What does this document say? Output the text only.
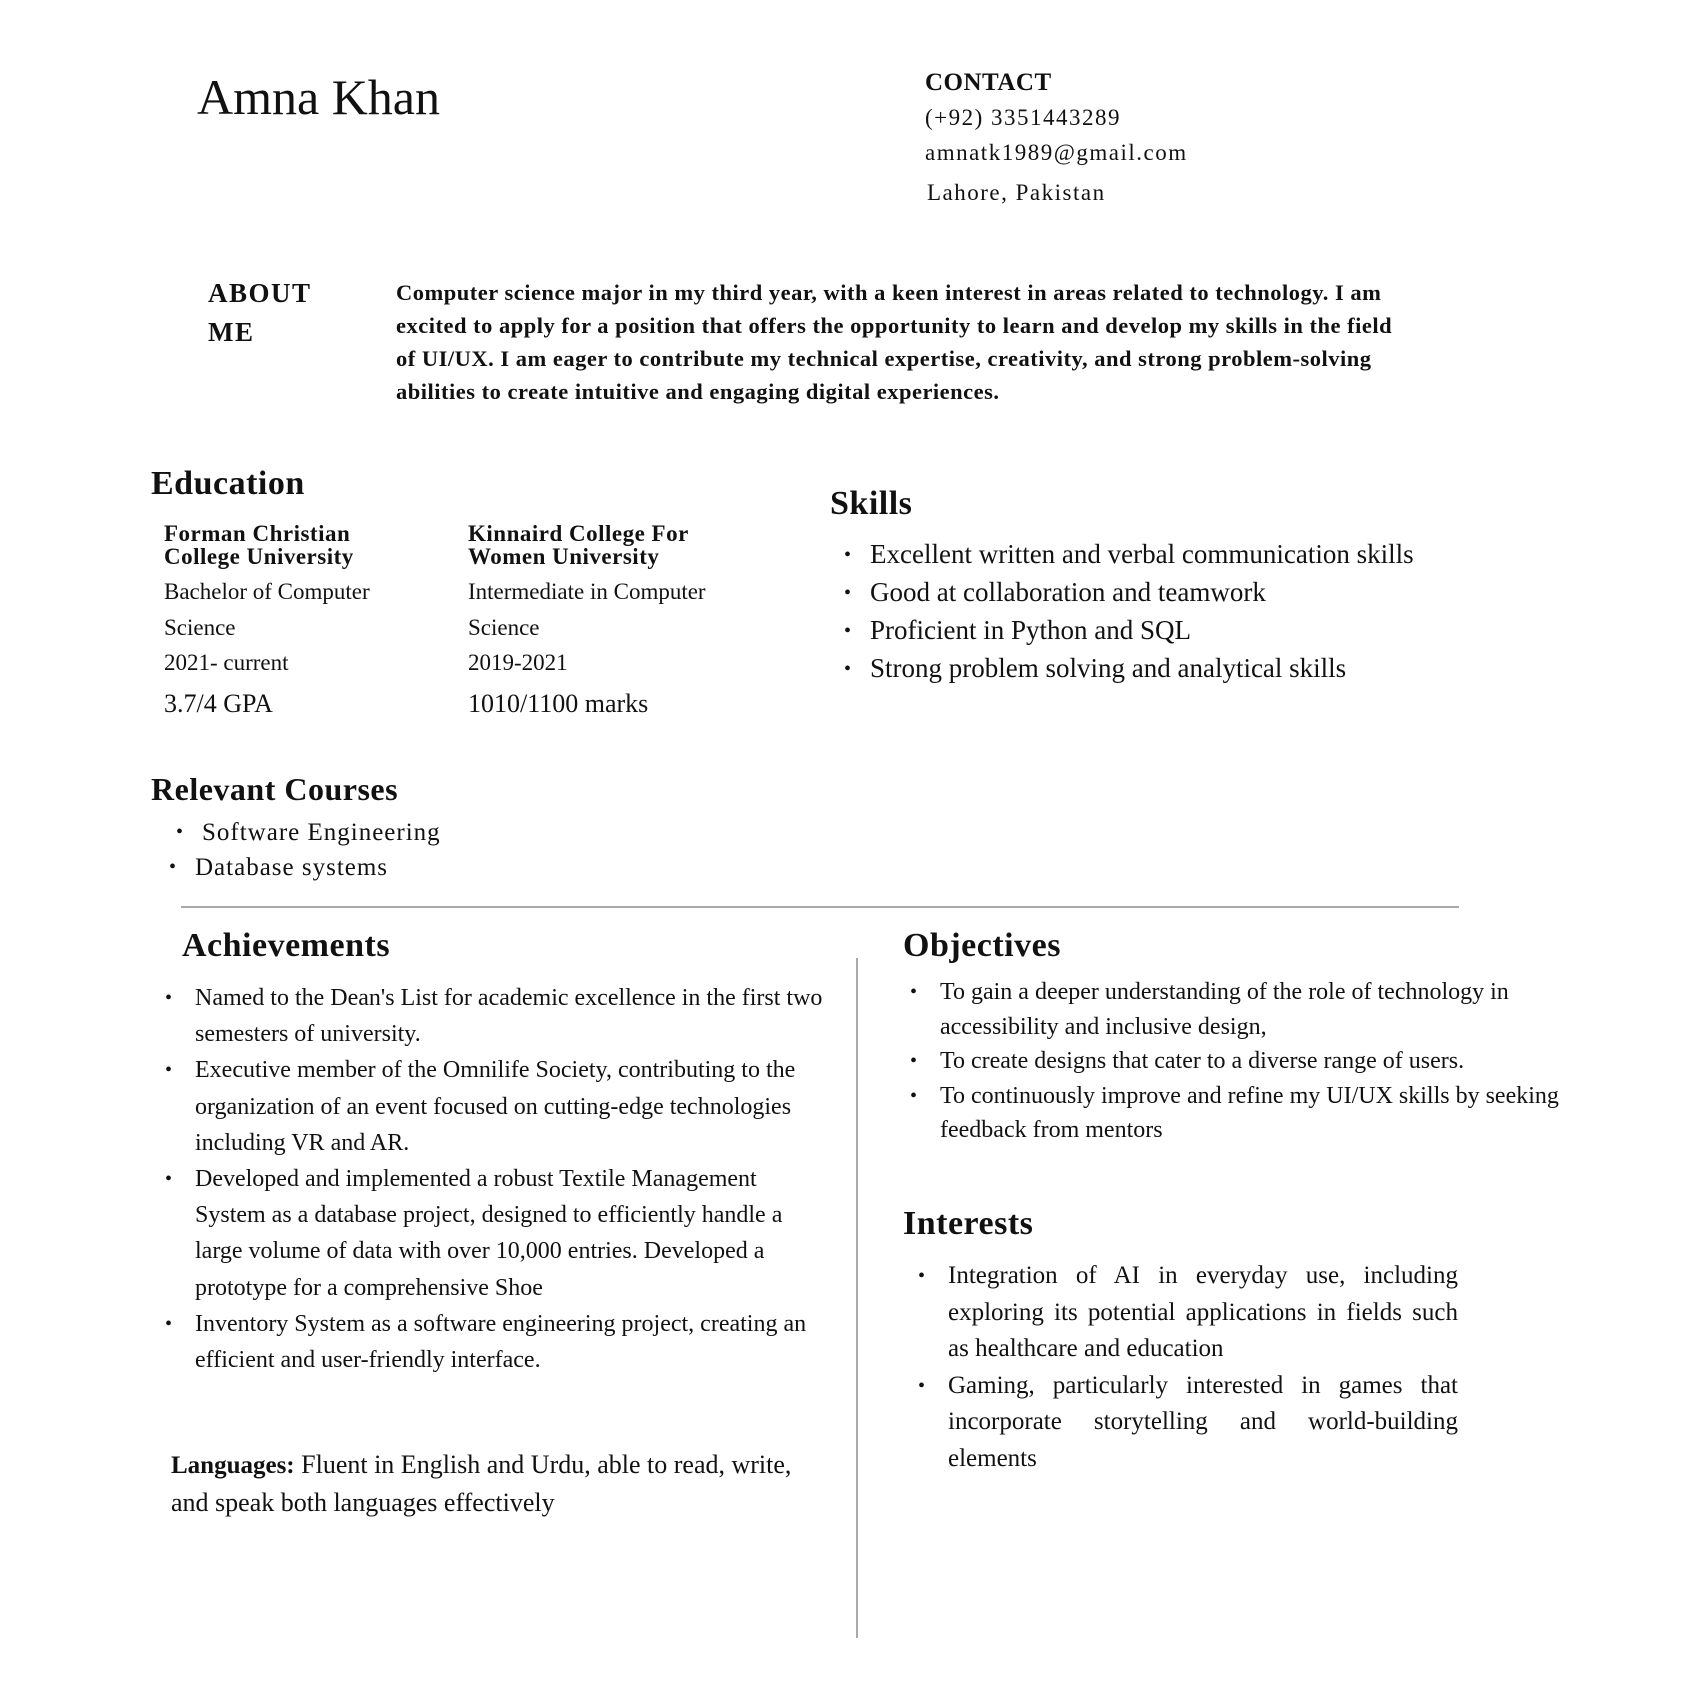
Amna Khan	CONTACT
(+92) 3351443289
amnatk1989@gmail.com
Lahore, Pakistan
ABOUT
ME
Computer science major in my third year, with a keen interest in areas related to technology. I am excited to apply for a position that offers the opportunity to learn and develop my skills in the field of UI/UX. I am eager to contribute my technical expertise, creativity, and strong problem-solving abilities to create intuitive and engaging digital experiences.
Education
Forman Christian
College University
Bachelor of Computer
Science
2021- current
3.7/4 GPA
Kinnaird College For
Women University
Intermediate in Computer
Science
2019-2021
1010/1100 marks
Skills
• Excellent written and verbal communication skills
• Good at collaboration and teamwork
• Proficient in Python and SQL
• Strong problem solving and analytical skills
Relevant Courses
• Software Engineering
• Database systems
Achievements
• Named to the Dean's List for academic excellence in the first two semesters of university.
• Executive member of the Omnilife Society, contributing to the organization of an event focused on cutting-edge technologies including VR and AR.
• Developed and implemented a robust Textile Management System as a database project, designed to efficiently handle a large volume of data with over 10,000 entries. Developed a prototype for a comprehensive Shoe
• Inventory System as a software engineering project, creating an efficient and user-friendly interface.
Languages: Fluent in English and Urdu, able to read, write, and speak both languages effectively
Objectives
• To gain a deeper understanding of the role of technology in accessibility and inclusive design,
• To create designs that cater to a diverse range of users.
• To continuously improve and refine my UI/UX skills by seeking feedback from mentors
Interests
• Integration of AI in everyday use, including exploring its potential applications in fields such as healthcare and education
• Gaming, particularly interested in games that incorporate storytelling and world-building elements
